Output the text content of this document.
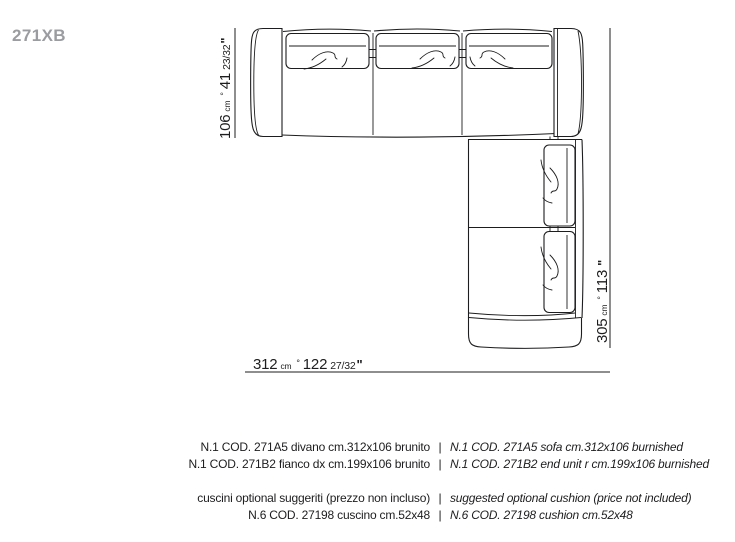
271XB
106cm°4123/32"
305cm°113"
312 cm ° 122 27/32"
N.1 COD. 271A5 divano cm.312x106 brunito | N.1 COD. 271A5 sofa cm.312x106 burnished
N.1 COD. 271B2 fianco dx cm.199x106 brunito | N.1 COD. 271B2 end unit r cm.199x106 burnished
cuscini optional suggeriti (prezzo non incluso) | suggested optional cushion (price not included)
N.6 COD. 27198 cuscino cm.52x48 | N.6 COD. 27198 cushion cm.52x48
